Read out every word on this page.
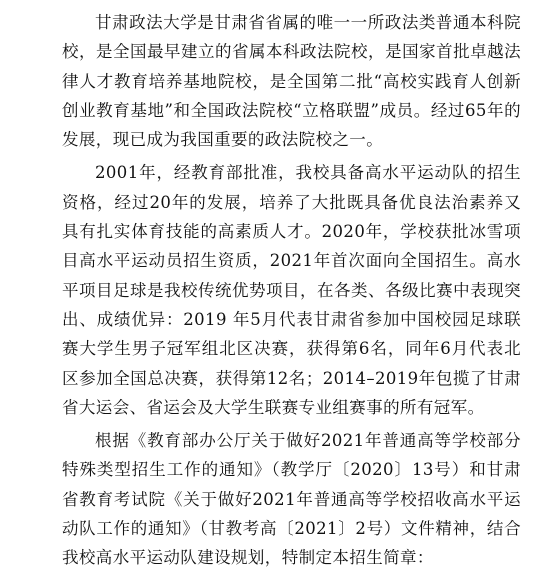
甘肃政法大学是甘肃省省属的唯一一所政法类普通本科院校，是全国最早建立的省属本科政法院校，是国家首批卓越法律人才教育培养基地院校，是全国第二批“高校实践育人创新创业教育基地”和全国政法院校“立格联盟”成员。经过65年的发展，现已成为我国重要的政法院校之一。

2001年，经教育部批准，我校具备高水平运动队的招生资格，经过20年的发展，培养了大批既具备优良法治素养又具有扎实体育技能的高素质人才。2020年，学校获批冰雪项目高水平运动员招生资质，2021年首次面向全国招生。高水平项目足球是我校传统优势项目，在各类、各级比赛中表现突出、成绩优异：2019 年5月代表甘肃省参加中国校园足球联赛大学生男子冠军组北区决赛，获得第6名，同年6月代表北区参加全国总决赛，获得第12名；2014–2019年包揽了甘肃省大运会、省运会及大学生联赛专业组赛事的所有冠军。

根据《教育部办公厅关于做好2021年普通高等学校部分特殊类型招生工作的通知》（教学厅〔2020〕13号）和甘肃省教育考试院《关于做好2021年普通高等学校招收高水平运动队工作的通知》（甘教考高〔2021〕2号）文件精神，结合我校高水平运动队建设规划，特制定本招生简章：
